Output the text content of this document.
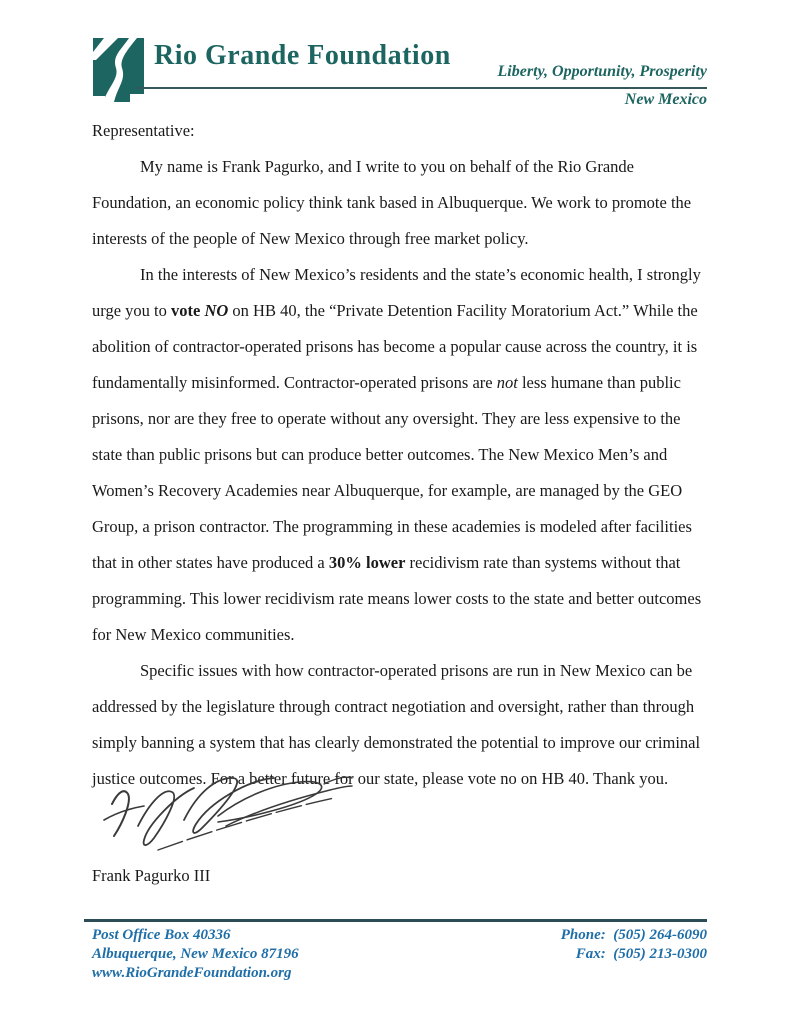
Rio Grande Foundation
Liberty, Opportunity, Prosperity
New Mexico

Representative:

My name is Frank Pagurko, and I write to you on behalf of the Rio Grande Foundation, an economic policy think tank based in Albuquerque. We work to promote the interests of the people of New Mexico through free market policy.

In the interests of New Mexico’s residents and the state’s economic health, I strongly urge you to vote NO on HB 40, the “Private Detention Facility Moratorium Act.” While the abolition of contractor-operated prisons has become a popular cause across the country, it is fundamentally misinformed. Contractor-operated prisons are not less humane than public prisons, nor are they free to operate without any oversight. They are less expensive to the state than public prisons but can produce better outcomes. The New Mexico Men’s and Women’s Recovery Academies near Albuquerque, for example, are managed by the GEO Group, a prison contractor. The programming in these academies is modeled after facilities that in other states have produced a 30% lower recidivism rate than systems without that programming. This lower recidivism rate means lower costs to the state and better outcomes for New Mexico communities.

Specific issues with how contractor-operated prisons are run in New Mexico can be addressed by the legislature through contract negotiation and oversight, rather than through simply banning a system that has clearly demonstrated the potential to improve our criminal justice outcomes. For a better future for our state, please vote no on HB 40. Thank you.

Frank Pagurko III
Post Office Box 40336
Albuquerque, New Mexico 87196
www.RioGrandeFoundation.org
Phone:  (505) 264-6090
Fax:  (505) 213-0300
